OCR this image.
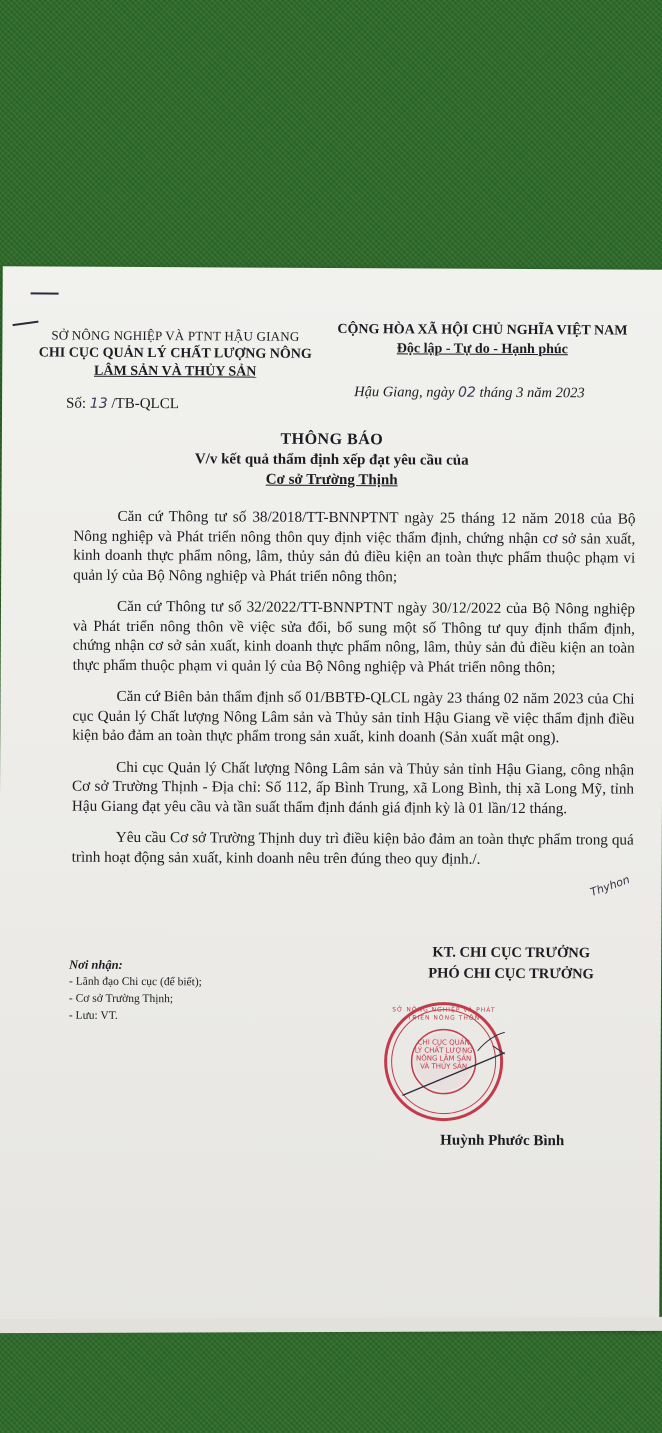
SỞ NÔNG NGHIỆP VÀ PTNT HẬU GIANG
CHI CỤC QUẢN LÝ CHẤT LƯỢNG NÔNG
LÂM SẢN VÀ THỦY SẢN
CỘNG HÒA XÃ HỘI CHỦ NGHĨA VIỆT NAM
Độc lập - Tự do - Hạnh phúc
Số: 13 /TB-QLCL
Hậu Giang, ngày 02 tháng 3 năm 2023
THÔNG BÁO
V/v kết quả thẩm định xếp đạt yêu cầu của
Cơ sở Trường Thịnh

Căn cứ Thông tư số 38/2018/TT-BNNPTNT ngày 25 tháng 12 năm 2018 của Bộ Nông nghiệp và Phát triển nông thôn quy định việc thẩm định, chứng nhận cơ sở sản xuất, kinh doanh thực phẩm nông, lâm, thủy sản đủ điều kiện an toàn thực phẩm thuộc phạm vi quản lý của Bộ Nông nghiệp và Phát triển nông thôn;

Căn cứ Thông tư số 32/2022/TT-BNNPTNT ngày 30/12/2022 của Bộ Nông nghiệp và Phát triển nông thôn về việc sửa đổi, bổ sung một số Thông tư quy định thẩm định, chứng nhận cơ sở sản xuất, kinh doanh thực phẩm nông, lâm, thủy sản đủ điều kiện an toàn thực phẩm thuộc phạm vi quản lý của Bộ Nông nghiệp và Phát triển nông thôn;

Căn cứ Biên bản thẩm định số 01/BBTĐ-QLCL ngày 23 tháng 02 năm 2023 của Chi cục Quản lý Chất lượng Nông Lâm sản và Thủy sản tỉnh Hậu Giang về việc thẩm định điều kiện bảo đảm an toàn thực phẩm trong sản xuất, kinh doanh (Sản xuất mật ong).

Chi cục Quản lý Chất lượng Nông Lâm sản và Thủy sản tỉnh Hậu Giang, công nhận Cơ sở Trường Thịnh - Địa chỉ: Số 112, ấp Bình Trung, xã Long Bình, thị xã Long Mỹ, tỉnh Hậu Giang đạt yêu cầu và tần suất thẩm định đánh giá định kỳ là 01 lần/12 tháng.

Yêu cầu Cơ sở Trường Thịnh duy trì điều kiện bảo đảm an toàn thực phẩm trong quá trình hoạt động sản xuất, kinh doanh nêu trên đúng theo quy định./.

Thyhon
KT. CHI CỤC TRƯỞNG
PHÓ CHI CỤC TRƯỞNG
Nơi nhận:
- Lãnh đạo Chi cục (để biết);
- Cơ sở Trường Thịnh;
- Lưu: VT.	SỞ NÔNG NGHIỆP VÀ PHÁT TRIỂN NÔNG THÔN
CHI CỤC QUẢN LÝ CHẤT LƯỢNG NÔNG LÂM SẢN VÀ THỦY SẢN
Huỳnh Phước Bình
